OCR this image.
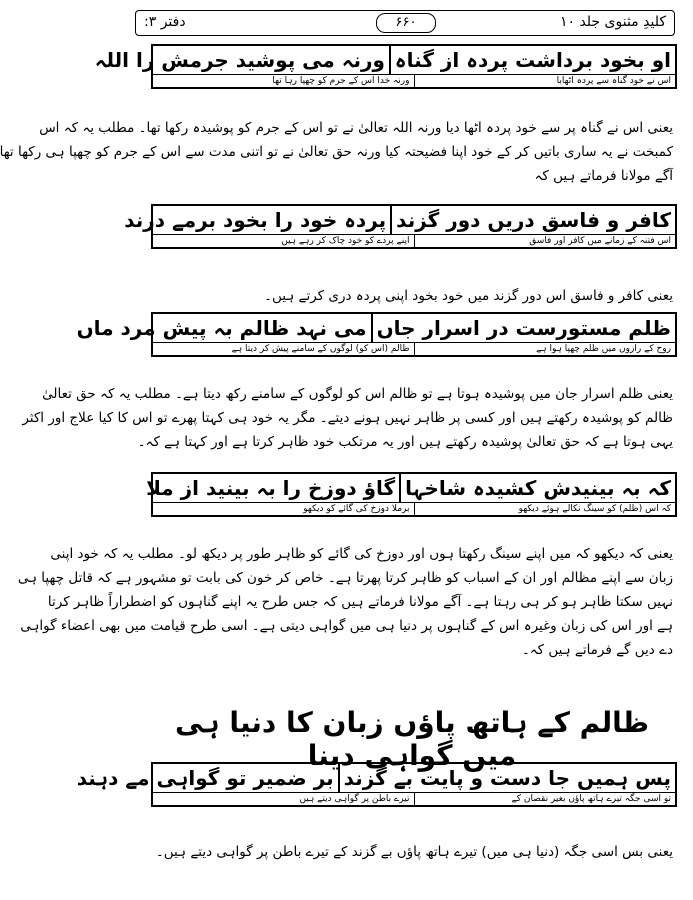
کلیدِ مثنوی جلد ۱۰
۶۶۰
دفتر ۳:
او بخود برداشت پردہ از گناہ
ورنہ می پوشید جرمش را اللہ
اس نے خود گناہ سے پردہ اٹھایا
ورنہ خدا اس کے جرم کو چھپا رہا تھا

یعنی اس نے گناہ پر سے خود پردہ اٹھا دیا ورنہ اللہ تعالیٰ نے تو اس کے جرم کو پوشیدہ رکھا تھا۔ مطلب یہ کہ اس

کمبخت نے یہ ساری باتیں کر کے خود اپنا فضیحتہ کیا ورنہ حق تعالیٰ نے تو اتنی مدت سے اس کے جرم کو چھپا ہی رکھا تھا

آگے مولانا فرماتے ہیں کہ

کافر و فاسق دریں دور گزند
پردہ خود را بخود برمے درند
اس فتنہ کے زمانے میں کافر اور فاسق
اپنے پردے کو خود چاک کر رہے ہیں

یعنی کافر و فاسق اس دور گزند میں خود بخود اپنی پردہ دری کرتے ہیں۔

ظلم مستورست در اسرار جاں
می نہد ظالم بہ پیش مرد ماں
روح کے رازوں میں ظلم چھپا ہوا ہے
ظالم (اس کو) لوگوں کے سامنے پیش کر دیتا ہے

یعنی ظلم اسرار جان میں پوشیدہ ہوتا ہے تو ظالم اس کو لوگوں کے سامنے رکھ دیتا ہے۔ مطلب یہ کہ حق تعالیٰ

ظالم کو پوشیدہ رکھتے ہیں اور کسی پر ظاہر نہیں ہونے دیتے۔ مگر یہ خود ہی کہتا پھرے تو اس کا کیا علاج اور اکثر

یہی ہوتا ہے کہ حق تعالیٰ پوشیدہ رکھتے ہیں اور یہ مرتکب خود ظاہر کرتا ہے اور کہتا ہے کہ۔

کہ بہ بینیدش کشیدہ شاخہا
گاؤ دوزخ را بہ بینید از ملا
کہ اس (ظلم) کو سینگ نکالے ہوئے دیکھو
برملا دوزخ کی گائے کو دیکھو

یعنی کہ دیکھو کہ میں اپنے سینگ رکھتا ہوں اور دوزخ کی گائے کو ظاہر طور پر دیکھ لو۔ مطلب یہ کہ خود اپنی

زبان سے اپنے مظالم اور ان کے اسباب کو ظاہر کرتا پھرتا ہے۔ خاص کر خون کی بابت تو مشہور ہے کہ قاتل چھپا ہی

نہیں سکتا ظاہر ہو کر ہی رہتا ہے۔ آگے مولانا فرماتے ہیں کہ جس طرح یہ اپنے گناہوں کو اضطراراً ظاہر کرتا

ہے اور اس کی زبان وغیرہ اس کے گناہوں پر دنیا ہی میں گواہی دیتی ہے۔ اسی طرح قیامت میں بھی اعضاء گواہی

دے دیں گے فرماتے ہیں کہ۔

ظالم کے ہاتھ پاؤں زبان کا دنیا ہی میں گواہی دینا
پس ہمیں جا دست و پایت بے گزند
بر ضمیر تو گواہی مے دہند
تو اسی جگہ تیرے ہاتھ پاؤں بغیر نقصان کے
تیرے باطن پر گواہی دیتے ہیں

یعنی بس اسی جگہ (دنیا ہی میں) تیرے ہاتھ پاؤں بے گزند کے تیرے باطن پر گواہی دیتے ہیں۔
